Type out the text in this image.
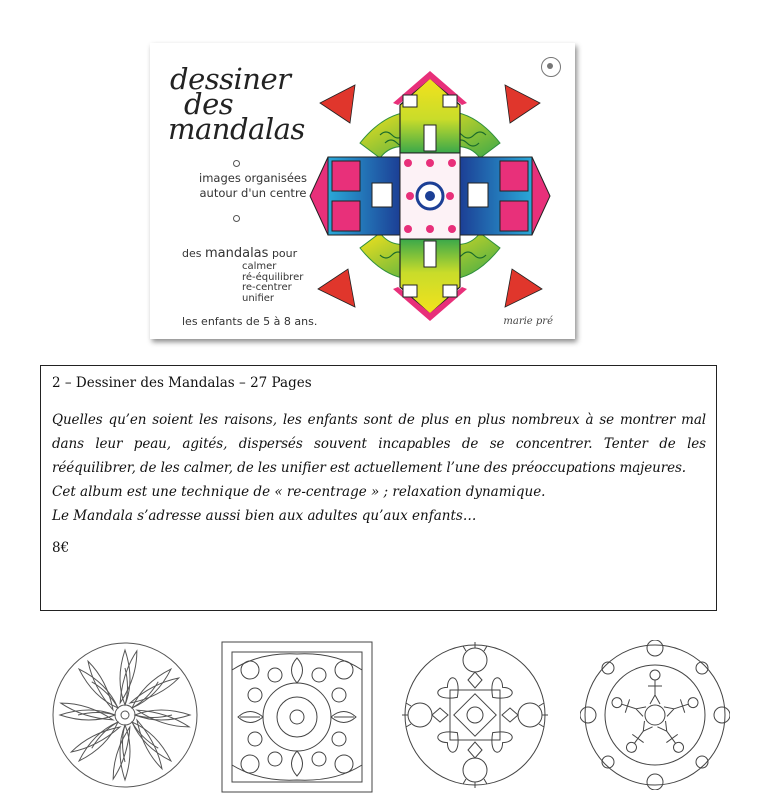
dessiner
des
mandalas
images organisées
autour d'un centre
des mandalas pour
calmer
ré-équilibrer
re-centrer
unifier
les enfants de 5 à 8 ans.	marie pré

2 – Dessiner des Mandalas – 27 Pages

Quelles qu’en soient les raisons, les enfants sont de plus en plus nombreux à se montrer mal dans leur peau, agités, dispersés souvent incapables de se concentrer. Tenter de les rééquilibrer, de les calmer, de les unifier est actuellement l’une des préoccupations majeures.

Cet album est une technique de « re-centrage » ; relaxation dynamique.

Le Mandala s’adresse aussi bien aux adultes qu’aux enfants…

8€
